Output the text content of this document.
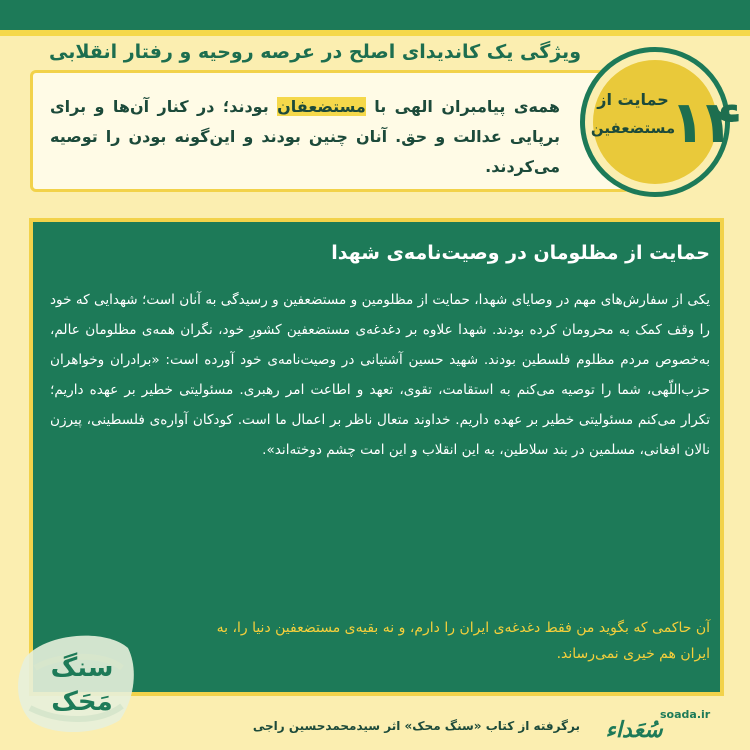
ویژگی یک کاندیدای اصلح در عرصه روحیه و رفتار انقلابی
همه‌ی پیامبران الهی با مستضعفان بودند؛ در کنار آن‌ها و برای برپایی عدالت و حق. آنان چنین بودند و این‌گونه بودن را توصیه می‌کردند.
۱۴
حمایت از
مستضعفین
حمایت از مظلومان در وصیت‌نامه‌ی شهدا
یکی از سفارش‌های مهم در وصایای شهدا، حمایت از مظلومین و مستضعفین و رسیدگی به آنان است؛ شهدایی که خود را وقف کمک به محرومان کرده بودند. شهدا علاوه بر دغدغه‌ی مستضعفین کشورِ خود، نگران همه‌ی مظلومان عالم، به‌خصوص مردم مظلوم فلسطین بودند. شهید حسین آشتیانی در وصیت‌نامه‌ی خود آورده است: «برادران وخواهران حزب‌اللّهی، شما را توصیه می‌کنم به استقامت، تقوی، تعهد و اطاعت امر رهبری. مسئولیتی خطیر بر عهده داریم؛ تکرار می‌کنم مسئولیتی خطیر بر عهده داریم. خداوند متعال ناظر بر اعمال ما است. کودکان آواره‌ی فلسطینی، پیرزن نالان افغانی، مسلمین در بند سلاطین، به این انقلاب و این امت چشم دوخته‌اند».
آن حاکمی که بگوید من فقط دغدغه‌ی ایران را دارم، و نه بقیه‌ی مستضعفین دنیا را، به ایران هم خیری نمی‌رساند.
سنگ
مَحَک
برگرفته از کتاب «سنگ محک» اثر سیدمحمدحسین راجی
soada.ir
سُعَداء
